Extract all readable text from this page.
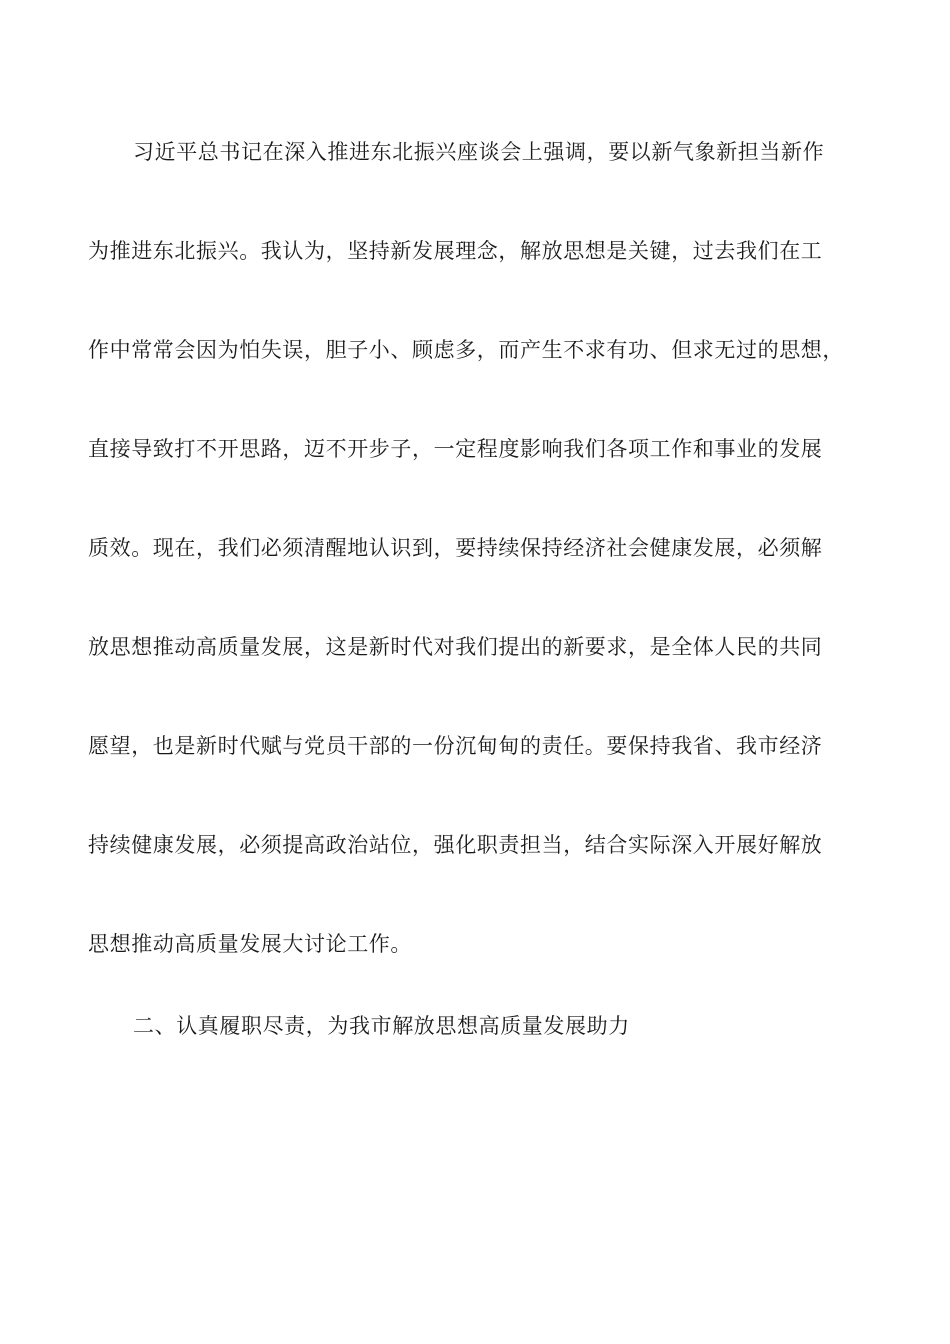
习近平总书记在深入推进东北振兴座谈会上强调，要以新气象新担当新作
为推进东北振兴。我认为，坚持新发展理念，解放思想是关键，过去我们在工
作中常常会因为怕失误，胆子小、顾虑多，而产生不求有功、但求无过的思想，
直接导致打不开思路，迈不开步子，一定程度影响我们各项工作和事业的发展
质效。现在，我们必须清醒地认识到，要持续保持经济社会健康发展，必须解
放思想推动高质量发展，这是新时代对我们提出的新要求，是全体人民的共同
愿望，也是新时代赋与党员干部的一份沉甸甸的责任。要保持我省、我市经济
持续健康发展，必须提高政治站位，强化职责担当，结合实际深入开展好解放
思想推动高质量发展大讨论工作。
二、认真履职尽责，为我市解放思想高质量发展助力
